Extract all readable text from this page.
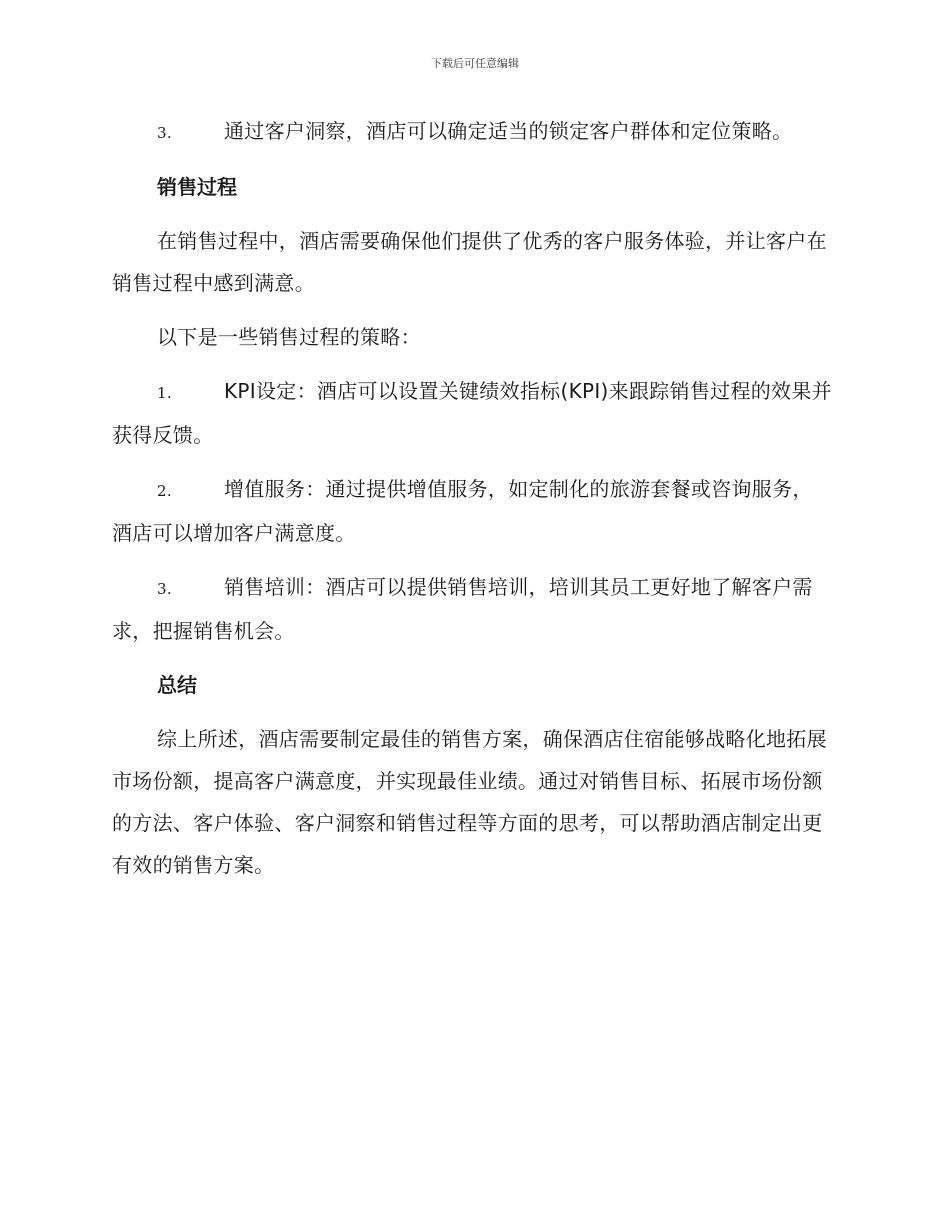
下载后可任意编辑
3.	通过客户洞察，酒店可以确定适当的锁定客户群体和定位策略。
销售过程

在销售过程中，酒店需要确保他们提供了优秀的客户服务体验，并让客户在销售过程中感到满意。

以下是一些销售过程的策略：

1.	KPI设定：酒店可以设置关键绩效指标(KPI)来跟踪销售过程的效果并获得反馈。
2.	增值服务：通过提供增值服务，如定制化的旅游套餐或咨询服务，酒店可以增加客户满意度。
3.	销售培训：酒店可以提供销售培训，培训其员工更好地了解客户需求，把握销售机会。
总结

综上所述，酒店需要制定最佳的销售方案，确保酒店住宿能够战略化地拓展市场份额，提高客户满意度，并实现最佳业绩。通过对销售目标、拓展市场份额的方法、客户体验、客户洞察和销售过程等方面的思考，可以帮助酒店制定出更有效的销售方案。
